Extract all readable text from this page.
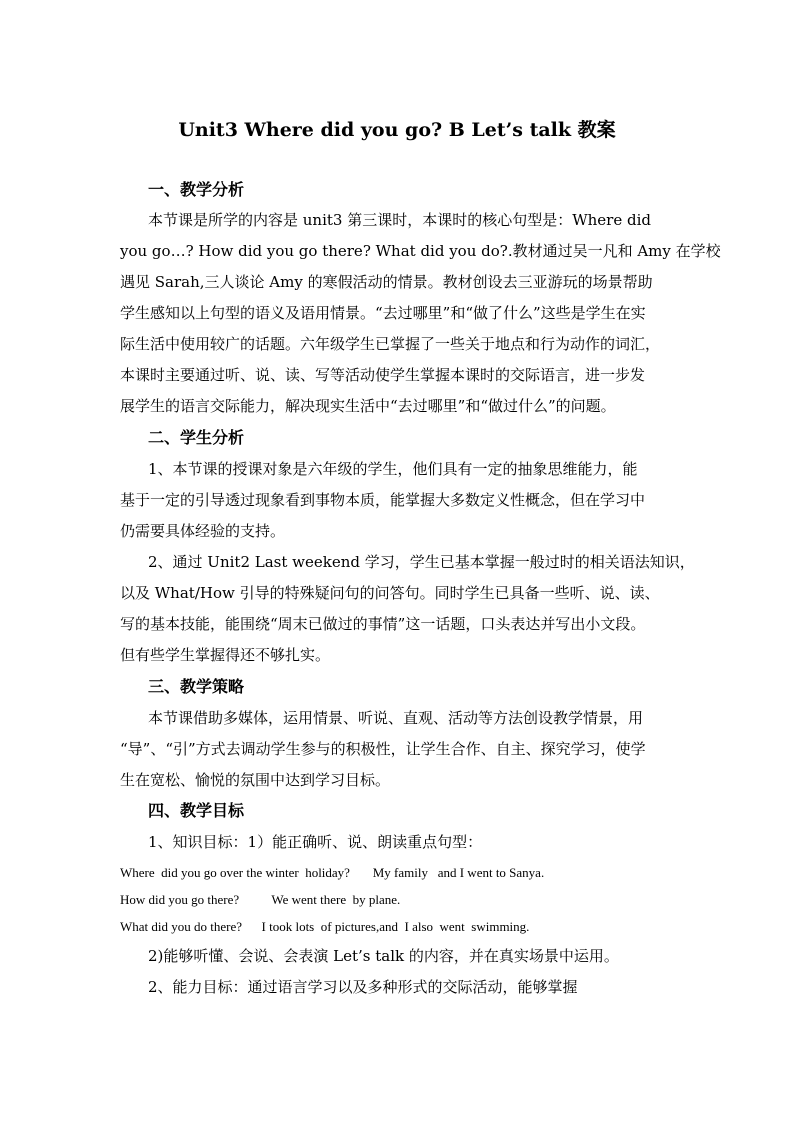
Unit3 Where did you go? B Let’s talk 教案
一、教学分析
本节课是所学的内容是 unit3 第三课时，本课时的核心句型是：Where did
you go…? How did you go there? What did you do?.教材通过吴一凡和 Amy 在学校
遇见 Sarah,三人谈论 Amy 的寒假活动的情景。教材创设去三亚游玩的场景帮助
学生感知以上句型的语义及语用情景。“去过哪里”和“做了什么”这些是学生在实
际生活中使用较广的话题。六年级学生已掌握了一些关于地点和行为动作的词汇，
本课时主要通过听、说、读、写等活动使学生掌握本课时的交际语言，进一步发
展学生的语言交际能力，解决现实生活中“去过哪里”和“做过什么”的问题。
二、学生分析
1、本节课的授课对象是六年级的学生，他们具有一定的抽象思维能力，能
基于一定的引导透过现象看到事物本质，能掌握大多数定义性概念，但在学习中
仍需要具体经验的支持。
2、通过 Unit2 Last weekend 学习，学生已基本掌握一般过时的相关语法知识，
以及 What/How 引导的特殊疑问句的问答句。同时学生已具备一些听、说、读、
写的基本技能，能围绕“周末已做过的事情”这一话题，口头表达并写出小文段。
但有些学生掌握得还不够扎实。
三、教学策略
本节课借助多媒体，运用情景、听说、直观、活动等方法创设教学情景，用
“导”、“引”方式去调动学生参与的积极性，让学生合作、自主、探究学习，使学
生在宽松、愉悦的氛围中达到学习目标。
四、教学目标
1、知识目标：1）能正确听、说、朗读重点句型：
Where  did you go over the winter  holiday?       My family   and I went to Sanya.
How did you go there?          We went there  by plane.
What did you do there?      I took lots  of pictures,and  I also  went  swimming.
2)能够听懂、会说、会表演 Let’s talk 的内容，并在真实场景中运用。
2、能力目标：通过语言学习以及多种形式的交际活动，能够掌握
